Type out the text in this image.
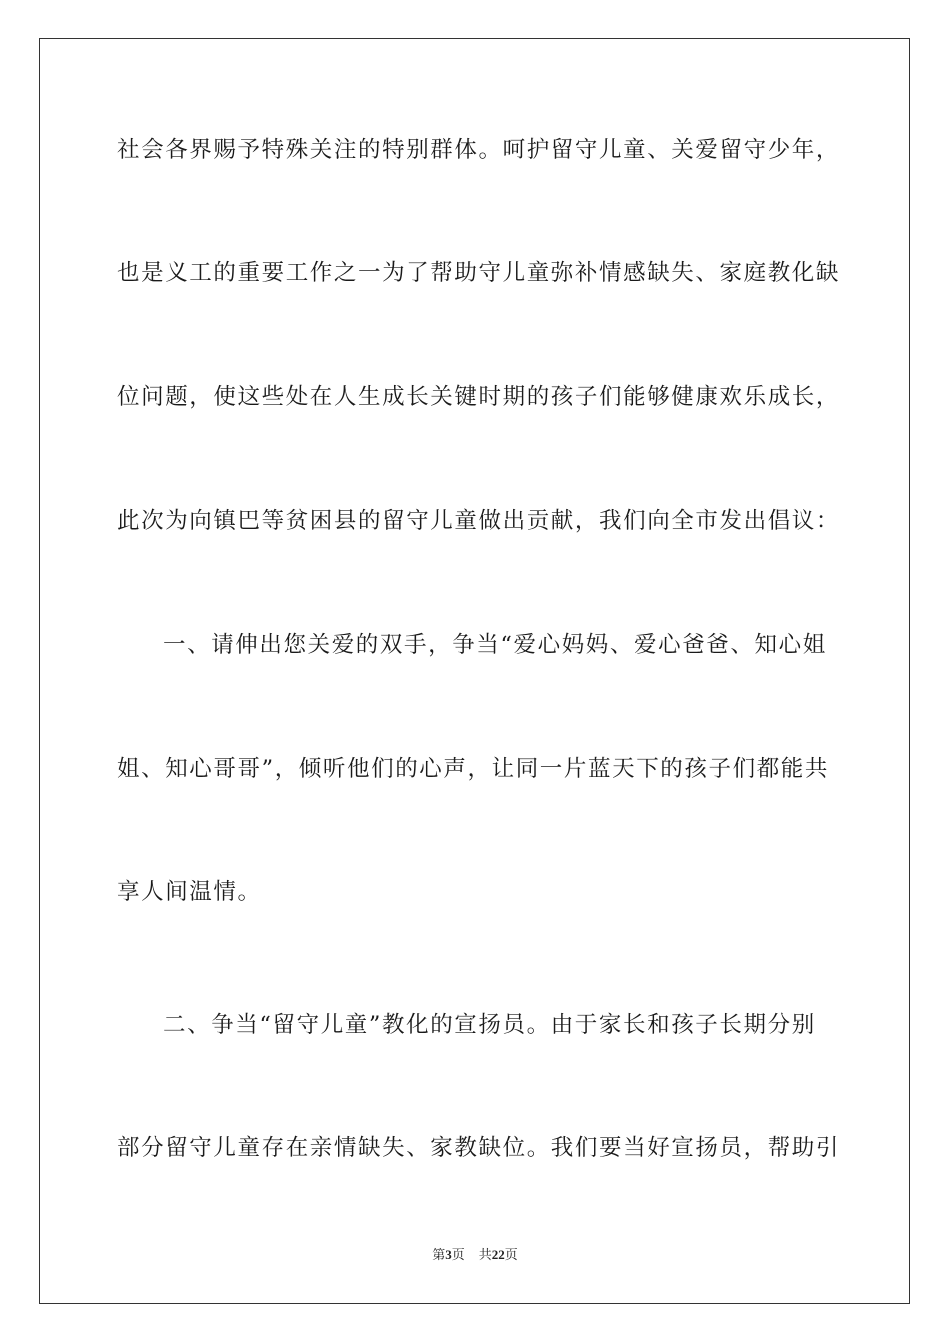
社会各界赐予特殊关注的特别群体。呵护留守儿童、关爱留守少年，
也是义工的重要工作之一为了帮助守儿童弥补情感缺失、家庭教化缺
位问题，使这些处在人生成长关键时期的孩子们能够健康欢乐成长，
此次为向镇巴等贫困县的留守儿童做出贡献，我们向全市发出倡议：
一、请伸出您关爱的双手，争当“爱心妈妈、爱心爸爸、知心姐
姐、知心哥哥”，倾听他们的心声，让同一片蓝天下的孩子们都能共
享人间温情。
二、争当“留守儿童”教化的宣扬员。由于家长和孩子长期分别
部分留守儿童存在亲情缺失、家教缺位。我们要当好宣扬员，帮助引
第3页 共22页
